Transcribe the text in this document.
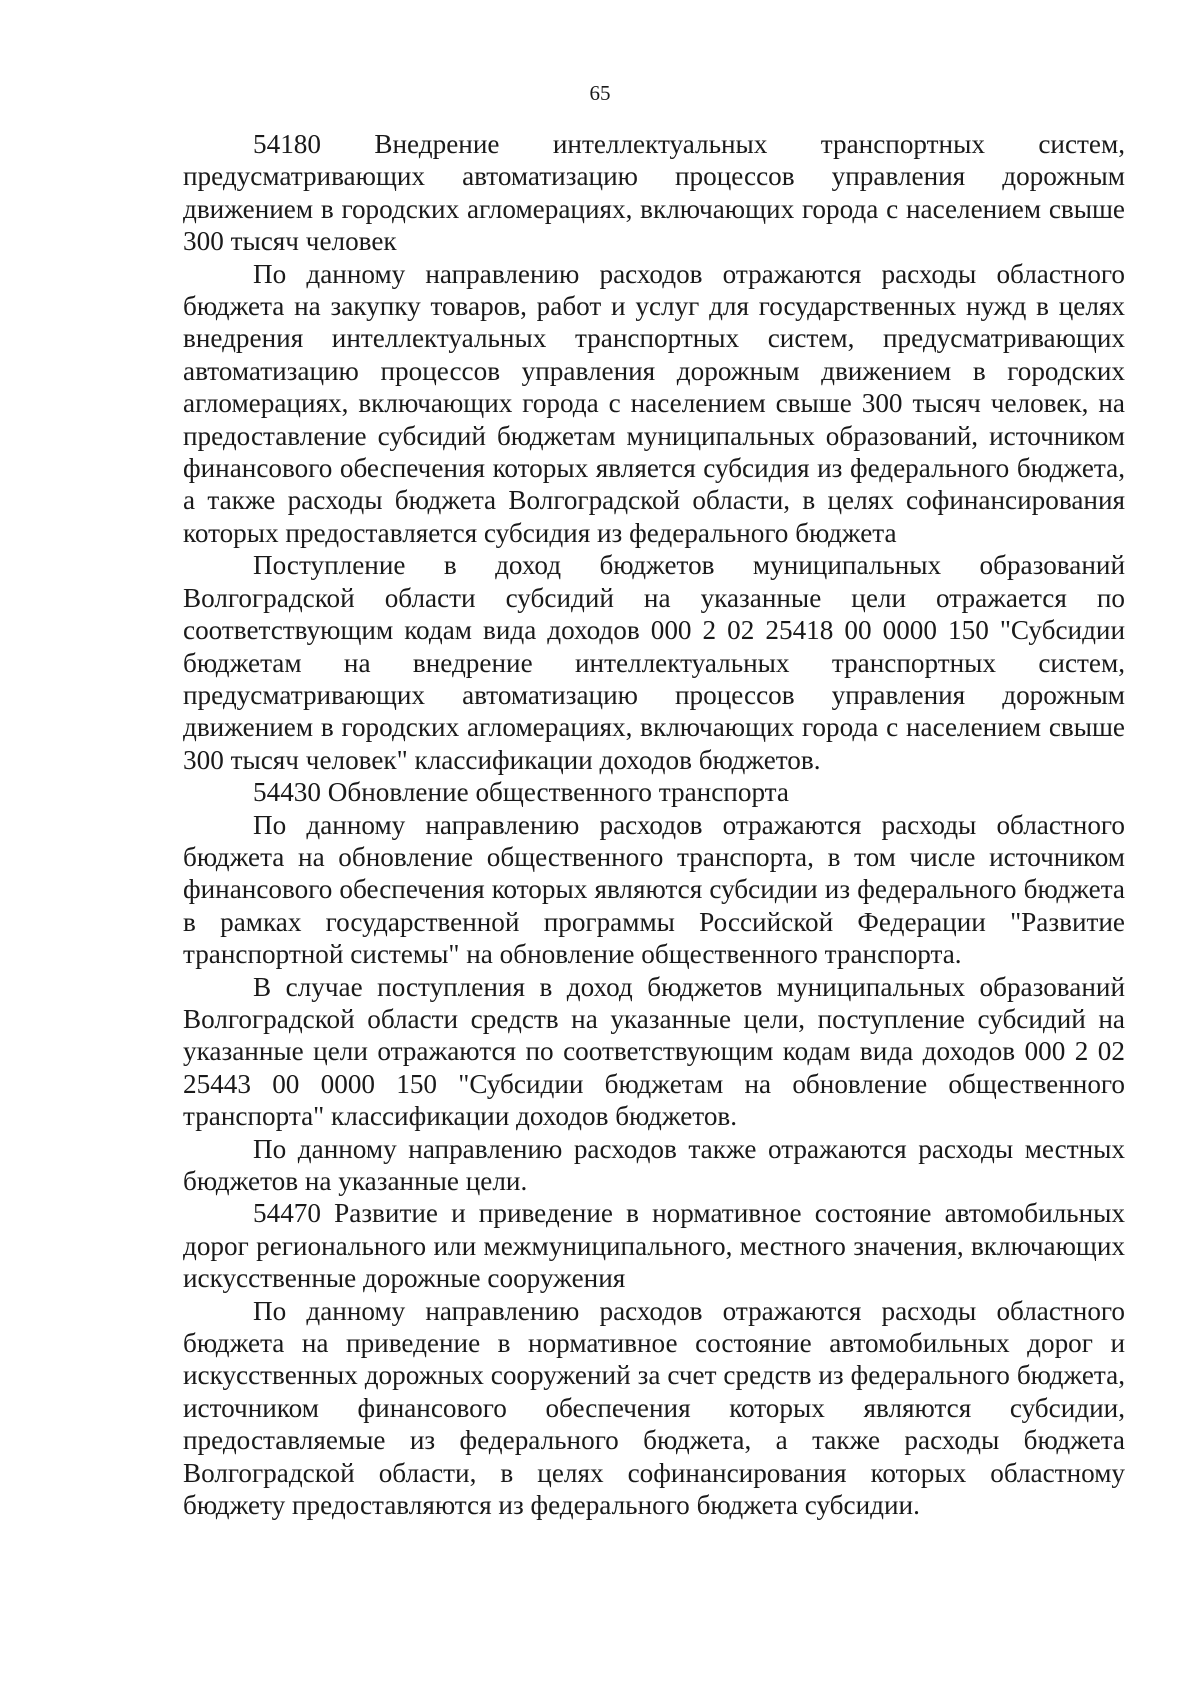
65

54180 Внедрение интеллектуальных транспортных систем, предусматривающих автоматизацию процессов управления дорожным движением в городских агломерациях, включающих города с населением свыше 300 тысяч человек

По данному направлению расходов отражаются расходы областного бюджета на закупку товаров, работ и услуг для государственных нужд в целях внедрения интеллектуальных транспортных систем, предусматривающих автоматизацию процессов управления дорожным движением в городских агломерациях, включающих города с населением свыше 300 тысяч человек, на предоставление субсидий бюджетам муниципальных образований, источником финансового обеспечения которых является субсидия из федерального бюджета, а также расходы бюджета Волгоградской области, в целях софинансирования которых предоставляется субсидия из федерального бюджета

Поступление в доход бюджетов муниципальных образований Волгоградской области субсидий на указанные цели отражается по соответствующим кодам вида доходов 000 2 02 25418 00 0000 150 "Субсидии бюджетам на внедрение интеллектуальных транспортных систем, предусматривающих автоматизацию процессов управления дорожным движением в городских агломерациях, включающих города с населением свыше 300 тысяч человек" классификации доходов бюджетов.

54430 Обновление общественного транспорта

По данному направлению расходов отражаются расходы областного бюджета на обновление общественного транспорта, в том числе источником финансового обеспечения которых являются субсидии из федерального бюджета в рамках государственной программы Российской Федерации "Развитие транспортной системы" на обновление общественного транспорта.

В случае поступления в доход бюджетов муниципальных образований Волгоградской области средств на указанные цели, поступление субсидий на указанные цели отражаются по соответствующим кодам вида доходов 000 2 02 25443 00 0000 150 "Субсидии бюджетам на обновление общественного транспорта" классификации доходов бюджетов.

По данному направлению расходов также отражаются расходы местных бюджетов на указанные цели.

54470 Развитие и приведение в нормативное состояние автомобильных дорог регионального или межмуниципального, местного значения, включающих искусственные дорожные сооружения

По данному направлению расходов отражаются расходы областного бюджета на приведение в нормативное состояние автомобильных дорог и искусственных дорожных сооружений за счет средств из федерального бюджета, источником финансового обеспечения которых являются субсидии, предоставляемые из федерального бюджета, а также расходы бюджета Волгоградской области, в целях софинансирования которых областному бюджету предоставляются из федерального бюджета субсидии.
